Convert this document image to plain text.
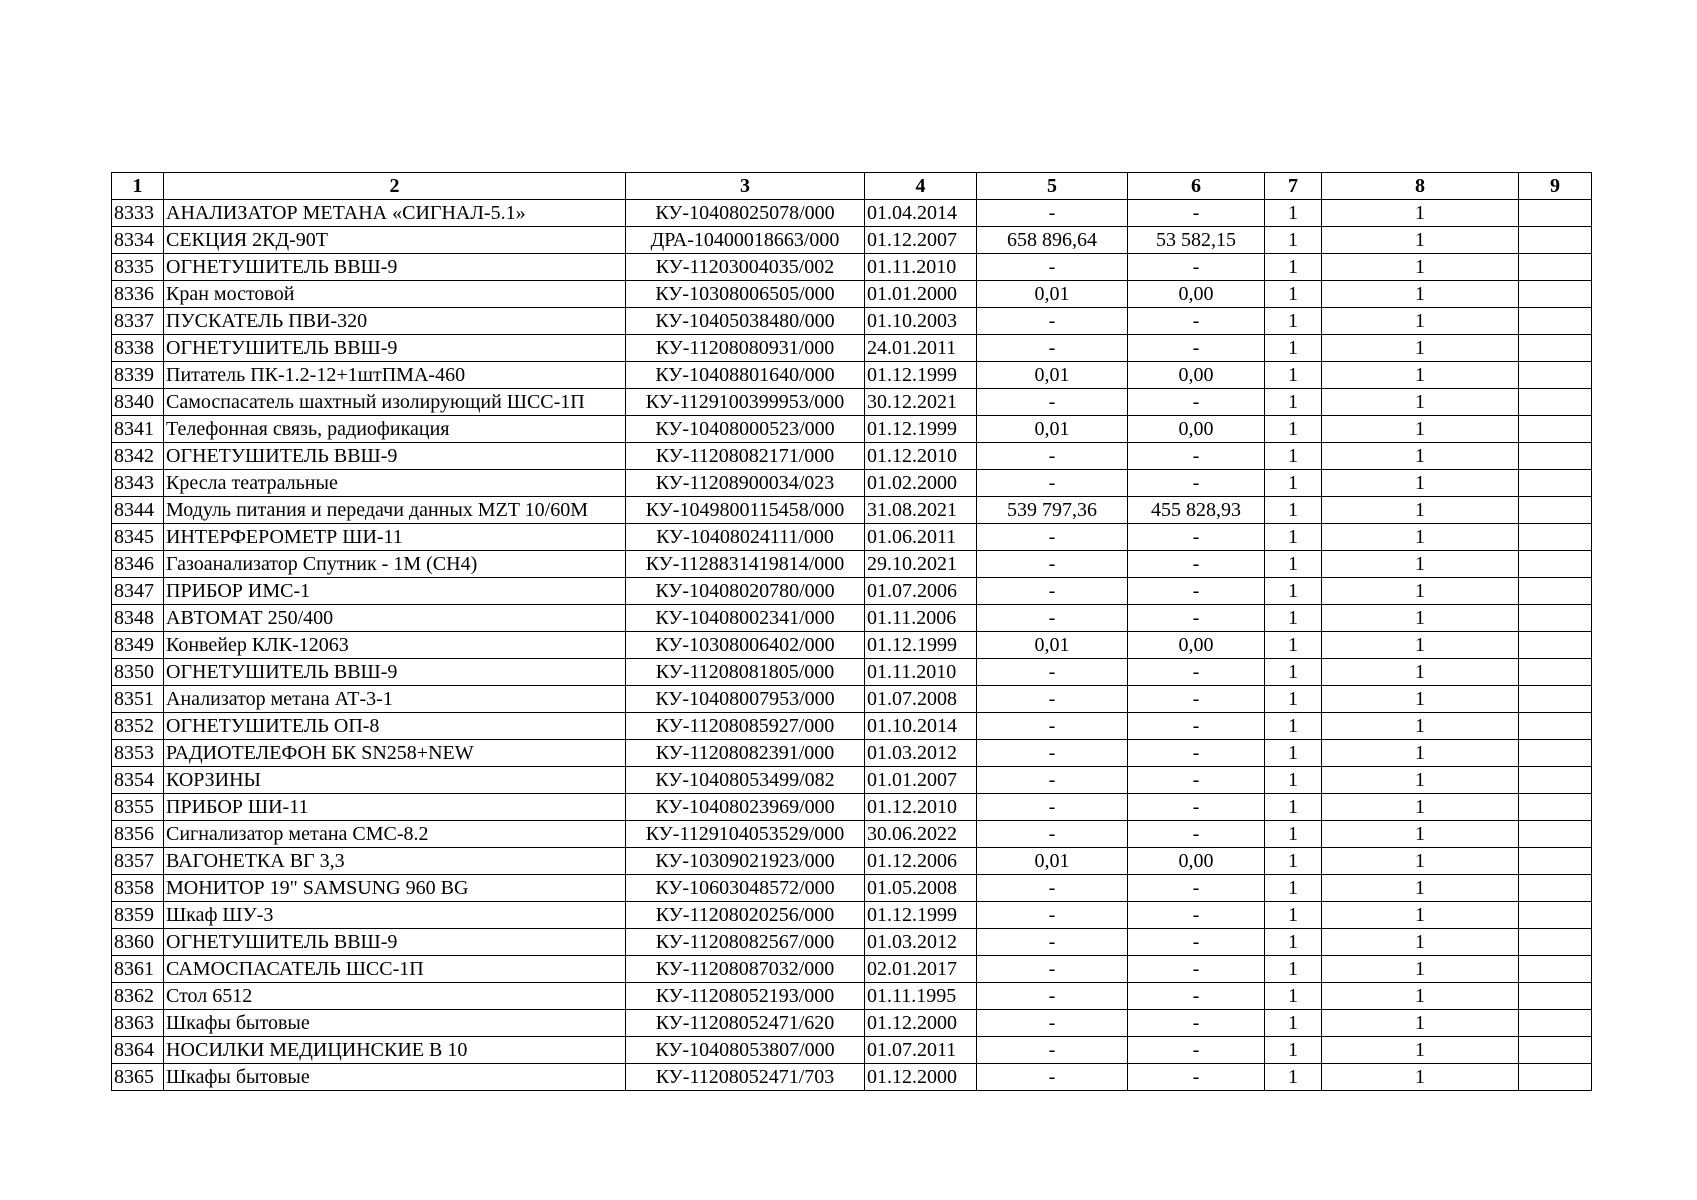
1	2	3	4	5	6	7	8	9
8333	АНАЛИЗАТОР МЕТАНА «СИГНАЛ-5.1»	КУ-10408025078/000	01.04.2014	-	-	1	1	
8334	СЕКЦИЯ 2КД-90Т	ДРА-10400018663/000	01.12.2007	658 896,64	53 582,15	1	1	
8335	ОГНЕТУШИТЕЛЬ ВВШ-9	КУ-11203004035/002	01.11.2010	-	-	1	1	
8336	Кран мостовой	КУ-10308006505/000	01.01.2000	0,01	0,00	1	1	
8337	ПУСКАТЕЛЬ ПВИ-320	КУ-10405038480/000	01.10.2003	-	-	1	1	
8338	ОГНЕТУШИТЕЛЬ ВВШ-9	КУ-11208080931/000	24.01.2011	-	-	1	1	
8339	Питатель ПК-1.2-12+1штПМА-460	КУ-10408801640/000	01.12.1999	0,01	0,00	1	1	
8340	Самоспасатель шахтный изолирующий ШСС-1П	КУ-1129100399953/000	30.12.2021	-	-	1	1	
8341	Телефонная связь, радиофикация	КУ-10408000523/000	01.12.1999	0,01	0,00	1	1	
8342	ОГНЕТУШИТЕЛЬ ВВШ-9	КУ-11208082171/000	01.12.2010	-	-	1	1	
8343	Кресла театральные	КУ-11208900034/023	01.02.2000	-	-	1	1	
8344	Модуль питания и передачи данных MZT 10/60M	КУ-1049800115458/000	31.08.2021	539 797,36	455 828,93	1	1	
8345	ИНТЕРФЕРОМЕТР ШИ-11	КУ-10408024111/000	01.06.2011	-	-	1	1	
8346	Газоанализатор Спутник - 1М (СН4)	КУ-1128831419814/000	29.10.2021	-	-	1	1	
8347	ПРИБОР ИМС-1	КУ-10408020780/000	01.07.2006	-	-	1	1	
8348	АВТОМАТ 250/400	КУ-10408002341/000	01.11.2006	-	-	1	1	
8349	Конвейер КЛК-12063	КУ-10308006402/000	01.12.1999	0,01	0,00	1	1	
8350	ОГНЕТУШИТЕЛЬ ВВШ-9	КУ-11208081805/000	01.11.2010	-	-	1	1	
8351	Анализатор метана АТ-3-1	КУ-10408007953/000	01.07.2008	-	-	1	1	
8352	ОГНЕТУШИТЕЛЬ ОП-8	КУ-11208085927/000	01.10.2014	-	-	1	1	
8353	РАДИОТЕЛЕФОН БК SN258+NEW	КУ-11208082391/000	01.03.2012	-	-	1	1	
8354	КОРЗИНЫ	КУ-10408053499/082	01.01.2007	-	-	1	1	
8355	ПРИБОР ШИ-11	КУ-10408023969/000	01.12.2010	-	-	1	1	
8356	Сигнализатор метана СМС-8.2	КУ-1129104053529/000	30.06.2022	-	-	1	1	
8357	ВАГОНЕТКА ВГ 3,3	КУ-10309021923/000	01.12.2006	0,01	0,00	1	1	
8358	МОНИТОР 19" SAMSUNG 960 BG	КУ-10603048572/000	01.05.2008	-	-	1	1	
8359	Шкаф ШУ-3	КУ-11208020256/000	01.12.1999	-	-	1	1	
8360	ОГНЕТУШИТЕЛЬ ВВШ-9	КУ-11208082567/000	01.03.2012	-	-	1	1	
8361	САМОСПАСАТЕЛЬ ШСС-1П	КУ-11208087032/000	02.01.2017	-	-	1	1	
8362	Стол 6512	КУ-11208052193/000	01.11.1995	-	-	1	1	
8363	Шкафы бытовые	КУ-11208052471/620	01.12.2000	-	-	1	1	
8364	НОСИЛКИ МЕДИЦИНСКИЕ В 10	КУ-10408053807/000	01.07.2011	-	-	1	1	
8365	Шкафы бытовые	КУ-11208052471/703	01.12.2000	-	-	1	1	
